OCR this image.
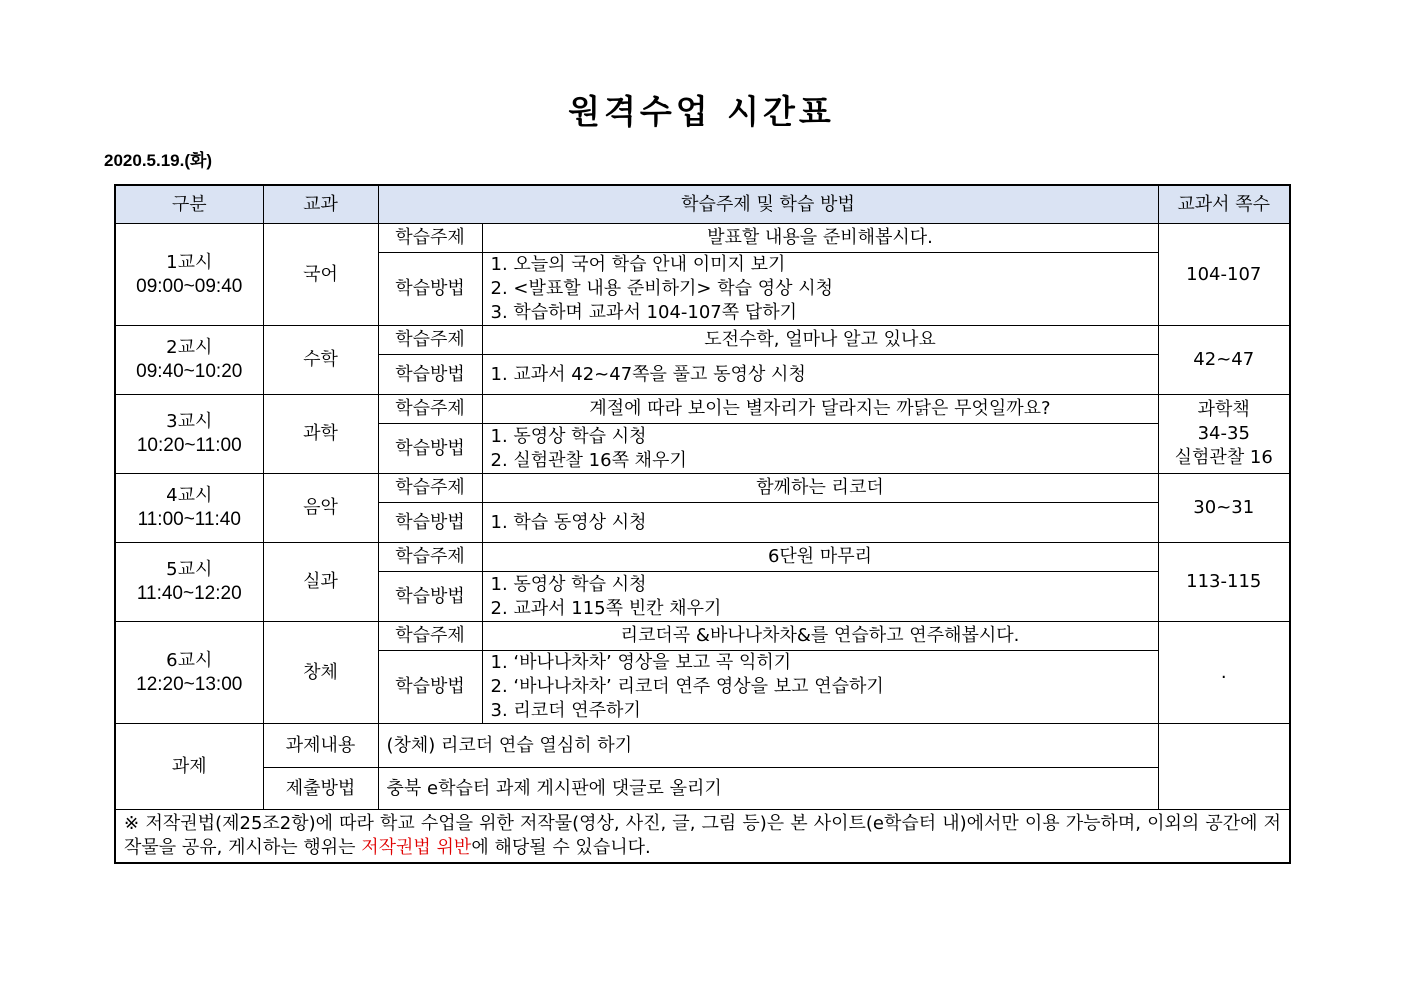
원격수업 시간표
2020.5.19.(화)
구분	교과	학습주제 및 학습 방법		교과서 쪽수

1교시
09:00~09:40	국어	학습주제	발표할 내용을 준비해봅시다.	104-107

		학습방법	1. 오늘의 국어 학습 안내 이미지 보기
2. <발표할 내용 준비하기> 학습 영상 시청
3. 학습하며 교과서 104-107쪽 답하기	

2교시
09:40~10:20	수학	학습주제	도전수학, 얼마나 알고 있나요	42~47

		학습방법	1. 교과서 42~47쪽을 풀고 동영상 시청	

3교시
10:20~11:00	과학	학습주제	계절에 따라 보이는 별자리가 달라지는 까닭은 무엇일까요?	과학책
34-35
실험관찰 16

		학습방법	1. 동영상 학습 시청
2. 실험관찰 16쪽 채우기	

4교시
11:00~11:40	음악	학습주제	함께하는 리코더	30~31

		학습방법	1. 학습 동영상 시청	

5교시
11:40~12:20	실과	학습주제	6단원 마무리	113-115

		학습방법	1. 동영상 학습 시청
2. 교과서 115쪽 빈칸 채우기	

6교시
12:20~13:00	창체	학습주제	리코더곡 &바나나차차&를 연습하고 연주해봅시다.	.

		학습방법	1. ‘바나나차차’ 영상을 보고 곡 익히기
2. ‘바나나차차’ 리코더 연주 영상을 보고 연습하기
3. 리코더 연주하기	

과제	과제내용	(창체) 리코더 연습 열심히 하기		
	제출방법	충북 e학습터 과제 게시판에 댓글로 올리기		
※ 저작권법(제25조2항)에 따라 학교 수업을 위한 저작물(영상, 사진, 글, 그림 등)은 본 사이트(e학습터 내)에서만 이용 가능하며, 이외의 공간에 저작물을 공유, 게시하는 행위는 저작권법 위반에 해당될 수 있습니다.				
